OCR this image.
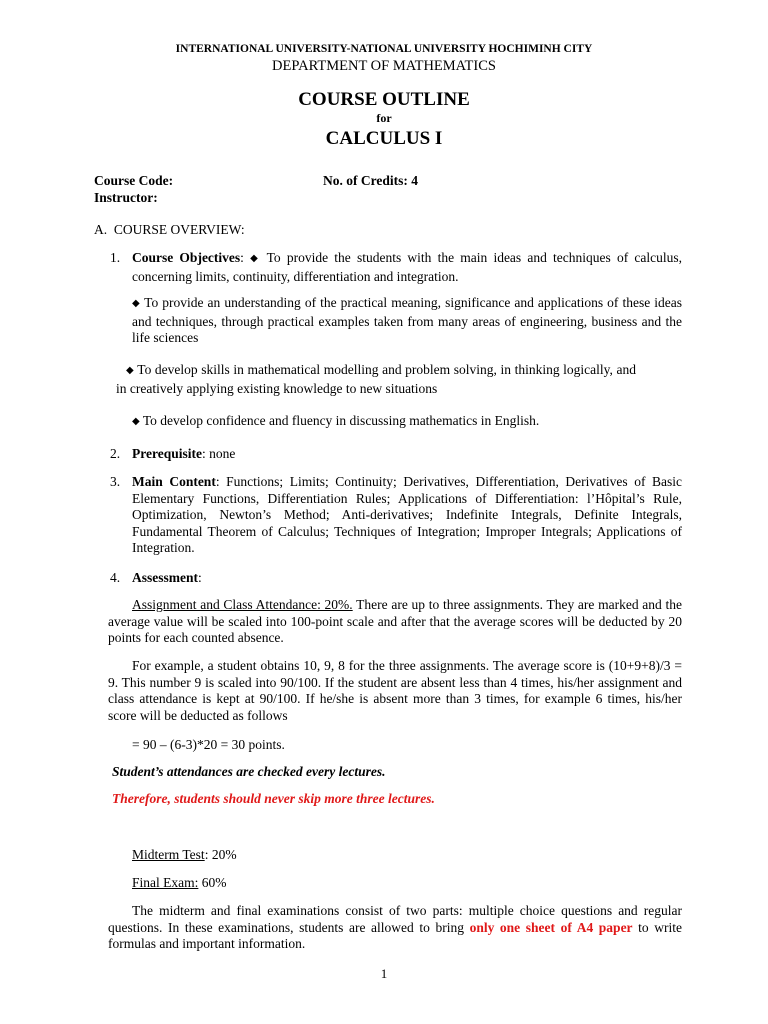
INTERNATIONAL UNIVERSITY-NATIONAL UNIVERSITY HOCHIMINH CITY
DEPARTMENT OF MATHEMATICS
COURSE OUTLINE
for
CALCULUS I
Course Code:	No. of Credits: 4
Instructor:
A.  COURSE OVERVIEW:
1. Course Objectives: ◆ To provide the students with the main ideas and techniques of calculus, concerning limits, continuity, differentiation and integration.
◆ To provide an understanding of the practical meaning, significance and applications of these ideas and techniques, through practical examples taken from many areas of engineering, business and the life sciences
◆ To develop skills in mathematical modelling and problem solving, in thinking logically, and in creatively applying existing knowledge to new situations
◆ To develop confidence and fluency in discussing mathematics in English.
2. Prerequisite: none
3. Main Content: Functions; Limits; Continuity; Derivatives, Differentiation, Derivatives of Basic Elementary Functions, Differentiation Rules; Applications of Differentiation: l’Hôpital’s Rule, Optimization, Newton’s Method; Anti-derivatives; Indefinite Integrals, Definite Integrals, Fundamental Theorem of Calculus; Techniques of Integration; Improper Integrals; Applications of Integration.
4. Assessment:
Assignment and Class Attendance: 20%. There are up to three assignments. They are marked and the average value will be scaled into 100-point scale and after that the average scores will be deducted by 20 points for each counted absence.
For example, a student obtains 10, 9, 8 for the three assignments. The average score is (10+9+8)/3 = 9. This number 9 is scaled into 90/100. If the student are absent less than 4 times, his/her assignment and class attendance is kept at 90/100. If he/she is absent more than 3 times, for example 6 times, his/her score will be deducted as follows
= 90 – (6-3)*20 = 30 points.
Student’s attendances are checked every lectures.
Therefore, students should never skip more three lectures.
Midterm Test: 20%
Final Exam: 60%
The midterm and final examinations consist of two parts: multiple choice questions and regular questions. In these examinations, students are allowed to bring only one sheet of A4 paper to write formulas and important information.
1
